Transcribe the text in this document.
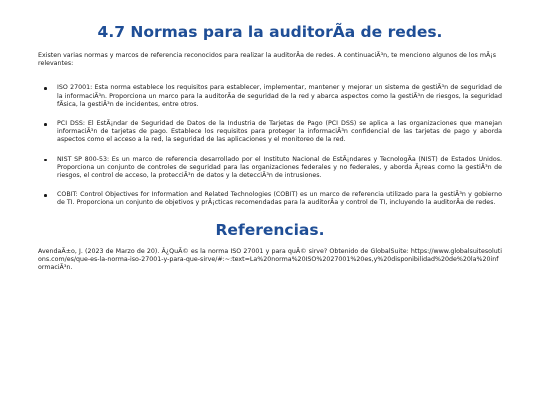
4.7 Normas para la auditorÃa de redes.

Existen varias normas y marcos de referencia reconocidos para realizar la auditorÃa de redes. A continuaciÃ³n, te menciono algunos de los mÃ¡s relevantes:

ISO 27001: Esta norma establece los requisitos para establecer, implementar, mantener y mejorar un sistema de gestiÃ³n de seguridad de la informaciÃ³n. Proporciona un marco para la auditorÃa de seguridad de la red y abarca aspectos como la gestiÃ³n de riesgos, la seguridad fÃsica, la gestiÃ³n de incidentes, entre otros.
PCI DSS: El EstÃ¡ndar de Seguridad de Datos de la Industria de Tarjetas de Pago (PCI DSS) se aplica a las organizaciones que manejan informaciÃ³n de tarjetas de pago. Establece los requisitos para proteger la informaciÃ³n confidencial de las tarjetas de pago y aborda aspectos como el acceso a la red, la seguridad de las aplicaciones y el monitoreo de la red.
NIST SP 800-53: Es un marco de referencia desarrollado por el Instituto Nacional de EstÃ¡ndares y TecnologÃa (NIST) de Estados Unidos. Proporciona un conjunto de controles de seguridad para las organizaciones federales y no federales, y aborda Ã¡reas como la gestiÃ³n de riesgos, el control de acceso, la protecciÃ³n de datos y la detecciÃ³n de intrusiones.
COBIT: Control Objectives for Information and Related Technologies (COBIT) es un marco de referencia utilizado para la gestiÃ³n y gobierno de TI. Proporciona un conjunto de objetivos y prÃ¡cticas recomendadas para la auditorÃa y control de TI, incluyendo la auditorÃa de redes.
Referencias.

AvendaÃ±o, J. (2023 de Marzo de 20). Â¿QuÃ© es la norma ISO 27001 y para quÃ© sirve? Obtenido de GlobalSuite: https://www.globalsuitesolutions.com/es/que-es-la-norma-iso-27001-y-para-que-sirve/#:~:text=La%20norma%20ISO%2027001%20es,y%20disponibilidad%20de%20la%20informaciÃ³n.
